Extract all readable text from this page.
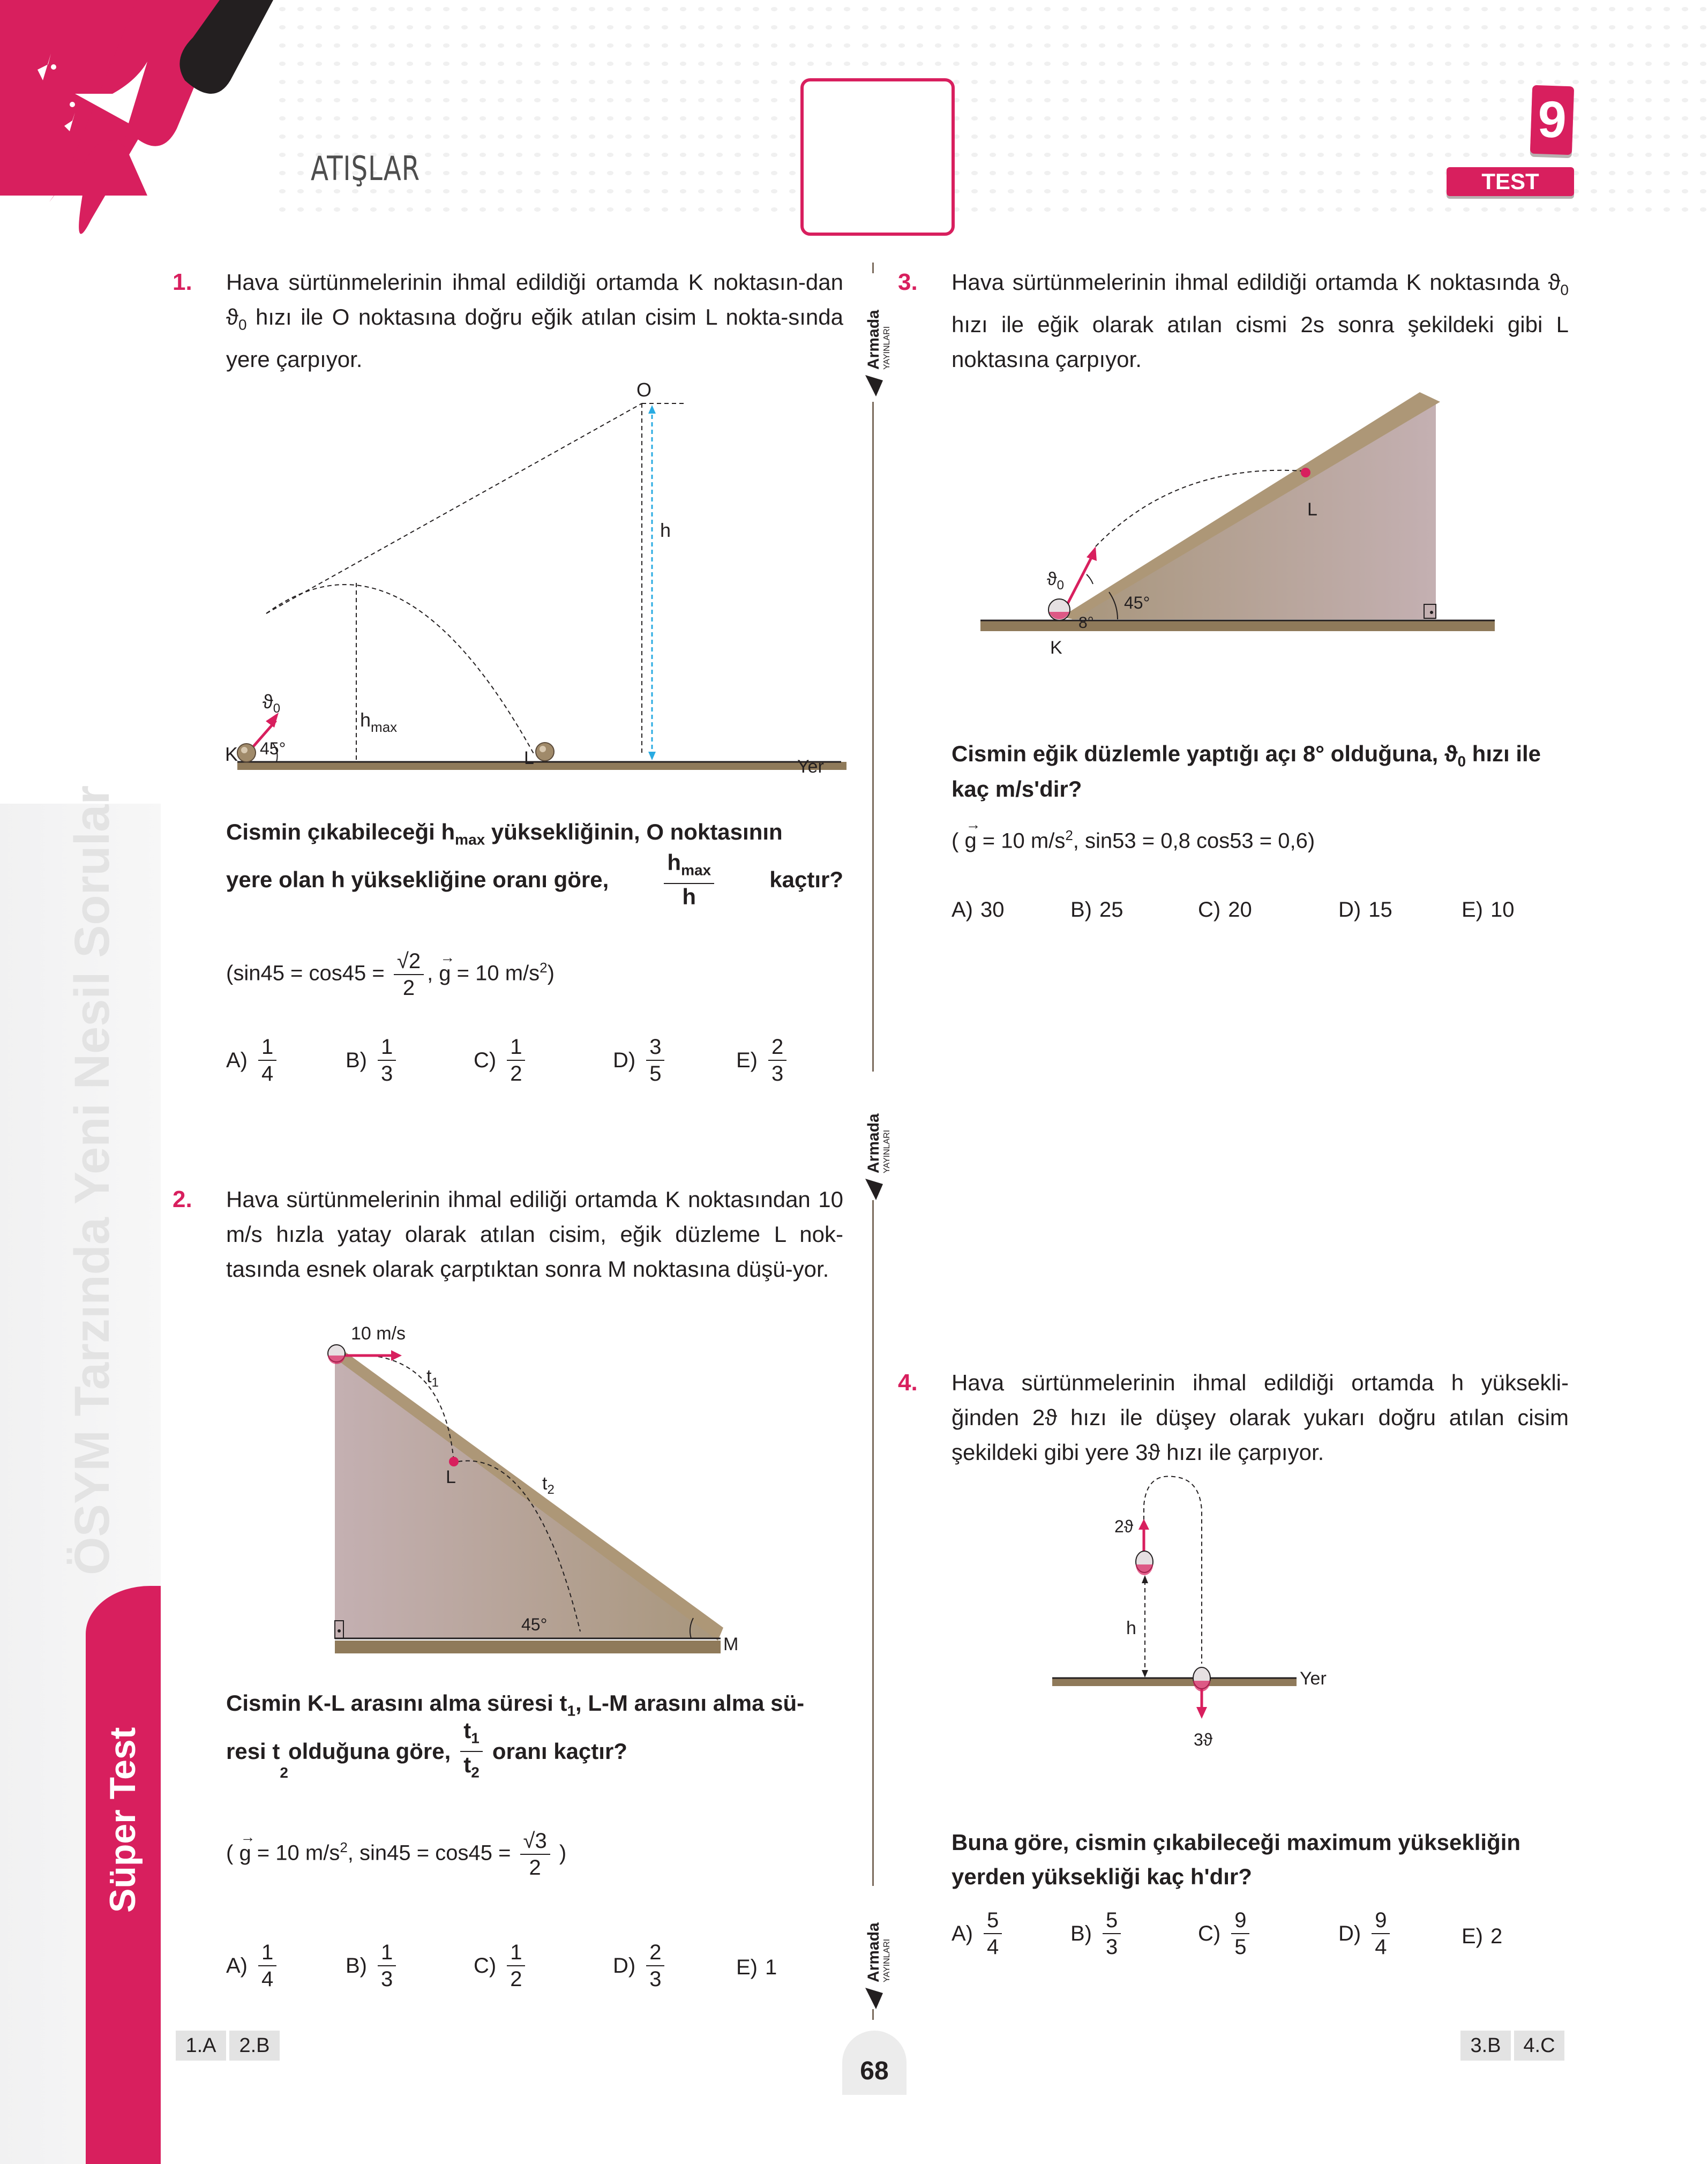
ATIŞLAR
9
TEST
ÖSYM Tarzında Yeni Nesil Sorular
Süper Test
Armada YAYINLARI
Armada YAYINLARI
Armada YAYINLARI
1. Hava sürtünmelerinin ihmal edildiği ortamda K noktasın-dan $ϑ_0$ hızı ile O noktasına doğru eğik atılan cisim L nokta-sında yere çarpıyor.
O
h
$ϑ_0$
45°
K
$h_{max}$
L	Yer
Cismin çıkabileceği $h_{max}$ yüksekliğinin, O noktasının
yere olan h yüksekliğine oranı göre, $\frac{h_{max}}{h}$ kaçtır?
($\sin 45 = \cos 45 = \frac{√2}{2}$ , → g = 10 $m/s^2$)
$A) \frac{1}{4}$	$B) \frac{1}{3}$	$C) \frac{1}{2}$	$D) \frac{3}{5}$	$E) \frac{2}{3}$
2. Hava sürtünmelerinin ihmal ediliği ortamda K noktasından 10 m/s hızla yatay olarak atılan cisim, eğik düzleme L nok-tasında esnek olarak çarptıktan sonra M noktasına düşü-yor.
10 m/s
$t_1$
L	$t_2$
45°
M
Cismin K-L arasını alma süresi $t_1$, L-M arasını alma sü-
resi t
$_2$
olduğuna göre, $\frac{t_1}{t_2}$ oranı kaçtır?
( → g = 10 $m/s^2$, $\sin 45 = \cos 45 = \frac{√3}{2}$ )
$A) \frac{1}{4}$	$B) \frac{1}{3}$	$C) \frac{1}{2}$	$D) \frac{2}{3}$	E) 1
3. Hava sürtünmelerinin ihmal edildiği ortamda K noktasında $ϑ_0$ hızı ile eğik olarak atılan cismi 2s sonra şekildeki gibi L noktasına çarpıyor.
L
$ϑ_0$
8°
45°
K
Cismin eğik düzlemle yaptığı açı 8° olduğuna, $ϑ_0$ hızı ile
kaç m/s'dir?
( → g = 10 $m/s^2$, sin53 = 0,8 cos53 = 0,6)
A) 30	B) 25	C) 20	D) 15	E) 10
4. Hava sürtünmelerinin ihmal edildiği ortamda h yüksekli-ğinden 2ϑ hızı ile düşey olarak yukarı doğru atılan cisim şekildeki gibi yere 3ϑ hızı ile çarpıyor.
2ϑ
h
Yer
3ϑ
Buna göre, cismin çıkabileceği maximum yüksekliğin
yerden yüksekliği kaç h'dır?
$A) \frac{5}{4}$	$B) \frac{5}{3}$	$C) \frac{9}{5}$	$D) \frac{9}{4}$	E) 2
1.A	2.B	3.B	4.C
68
